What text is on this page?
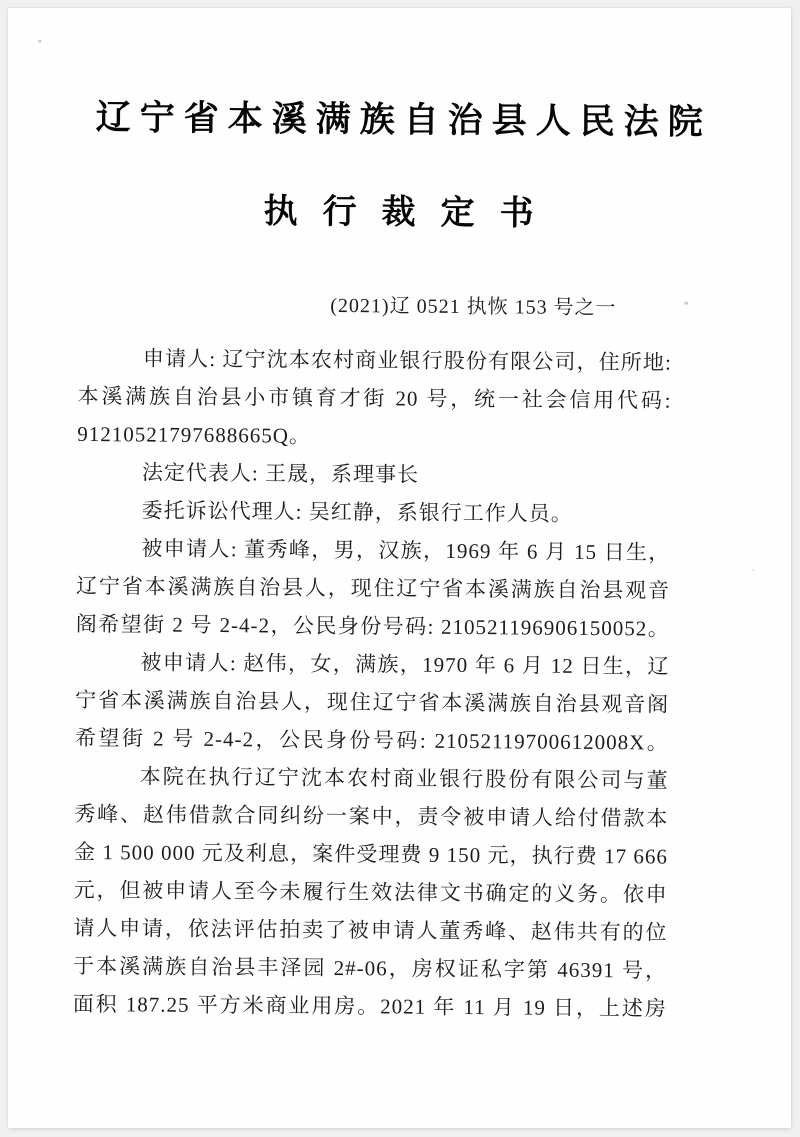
辽宁省本溪满族自治县人民法院
执行裁定书
(2021)辽 0521 执恢 153 号之一

申请人: 辽宁沈本农村商业银行股份有限公司，住所地:

本溪满族自治县小市镇育才街 20 号，统一社会信用代码:

91210521797688665Q。

法定代表人: 王晟，系理事长

委托诉讼代理人: 吴红静，系银行工作人员。

被申请人: 董秀峰，男，汉族，1969 年 6 月 15 日生，

辽宁省本溪满族自治县人，现住辽宁省本溪满族自治县观音

阁希望街 2 号 2-4-2，公民身份号码: 210521196906150052。

被申请人: 赵伟，女，满族，1970 年 6 月 12 日生，辽

宁省本溪满族自治县人，现住辽宁省本溪满族自治县观音阁

希望街 2 号 2-4-2，公民身份号码: 21052119700612008X。

本院在执行辽宁沈本农村商业银行股份有限公司与董

秀峰、赵伟借款合同纠纷一案中，责令被申请人给付借款本

金 1 500 000 元及利息，案件受理费 9 150 元，执行费 17 666

元，但被申请人至今未履行生效法律文书确定的义务。依申

请人申请，依法评估拍卖了被申请人董秀峰、赵伟共有的位

于本溪满族自治县丰泽园 2#-06，房权证私字第 46391 号，

面积 187.25 平方米商业用房。2021 年 11 月 19 日，上述房
